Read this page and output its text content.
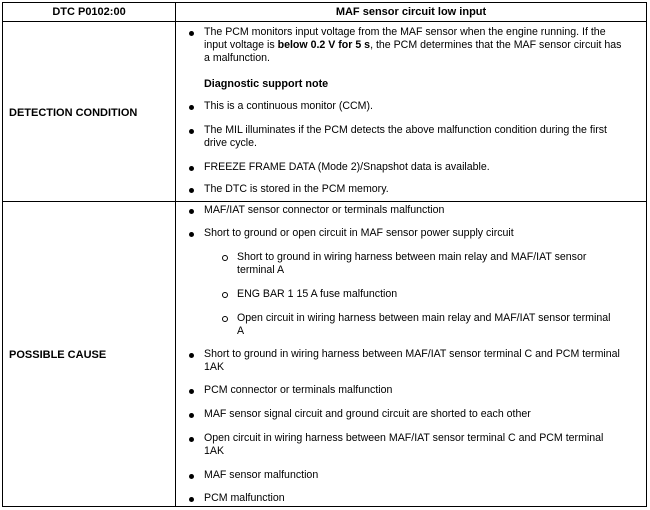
DTC P0102:00	MAF sensor circuit low input
DETECTION CONDITION
The PCM monitors input voltage from the MAF sensor when the engine running. If the
input voltage is below 0.2 V for 5 s, the PCM determines that the MAF sensor circuit has
a malfunction.
Diagnostic support note
This is a continuous monitor (CCM).
The MIL illuminates if the PCM detects the above malfunction condition during the first
drive cycle.
FREEZE FRAME DATA (Mode 2)/Snapshot data is available.
The DTC is stored in the PCM memory.
POSSIBLE CAUSE
MAF/IAT sensor connector or terminals malfunction
Short to ground or open circuit in MAF sensor power supply circuit
Short to ground in wiring harness between main relay and MAF/IAT sensor
terminal A
ENG BAR 1 15 A fuse malfunction
Open circuit in wiring harness between main relay and MAF/IAT sensor terminal
A
Short to ground in wiring harness between MAF/IAT sensor terminal C and PCM terminal
1AK
PCM connector or terminals malfunction
MAF sensor signal circuit and ground circuit are shorted to each other
Open circuit in wiring harness between MAF/IAT sensor terminal C and PCM terminal
1AK
MAF sensor malfunction
PCM malfunction
